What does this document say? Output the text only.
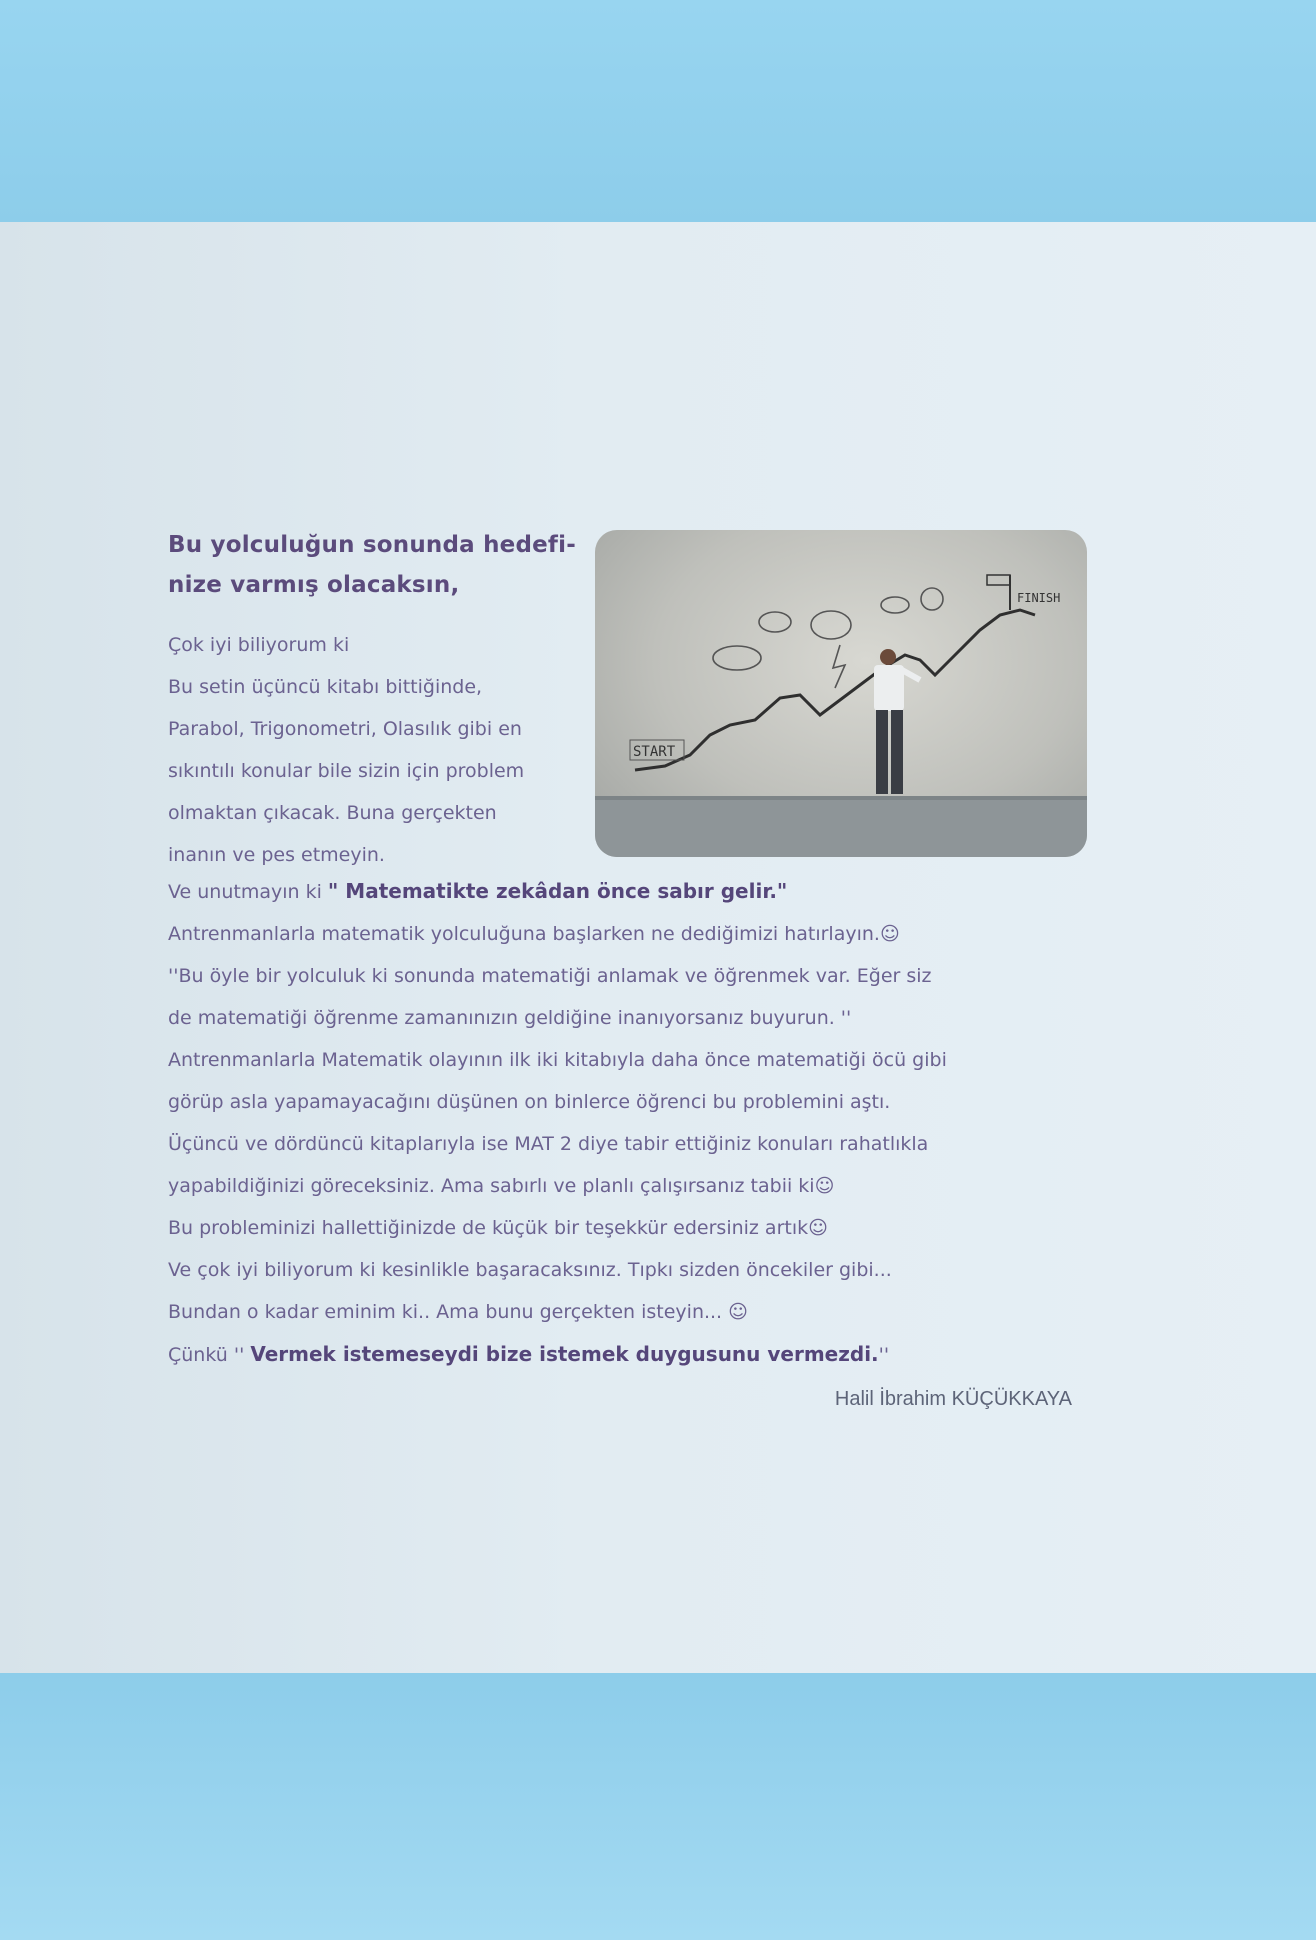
Bu yolculuğun sonunda hedefi-
nize varmış olacaksın,
Çok iyi biliyorum ki
Bu setin üçüncü kitabı bittiğinde,
Parabol, Trigonometri, Olasılık gibi en
sıkıntılı konular bile sizin için problem
olmaktan çıkacak. Buna gerçekten
inanın ve pes etmeyin.
START
FINISH
Ve unutmayın ki " Matematikte zekâdan önce sabır gelir."
Antrenmanlarla matematik yolculuğuna başlarken ne dediğimizi hatırlayın.☺
''Bu öyle bir yolculuk ki sonunda matematiği anlamak ve öğrenmek var. Eğer siz
de matematiği öğrenme zamanınızın geldiğine inanıyorsanız buyurun. ''
Antrenmanlarla Matematik olayının ilk iki kitabıyla daha önce matematiği öcü gibi
görüp asla yapamayacağını düşünen on binlerce öğrenci bu problemini aştı.
Üçüncü ve dördüncü kitaplarıyla ise MAT 2 diye tabir ettiğiniz konuları rahatlıkla
yapabildiğinizi göreceksiniz. Ama sabırlı ve planlı çalışırsanız tabii ki☺
Bu probleminizi hallettiğinizde de küçük bir teşekkür edersiniz artık☺
Ve çok iyi biliyorum ki kesinlikle başaracaksınız. Tıpkı sizden öncekiler gibi...
Bundan o kadar eminim ki.. Ama bunu gerçekten isteyin... ☺
Çünkü '' Vermek istemeseydi bize istemek duygusunu vermezdi.''
Halil İbrahim KÜÇÜKKAYA
